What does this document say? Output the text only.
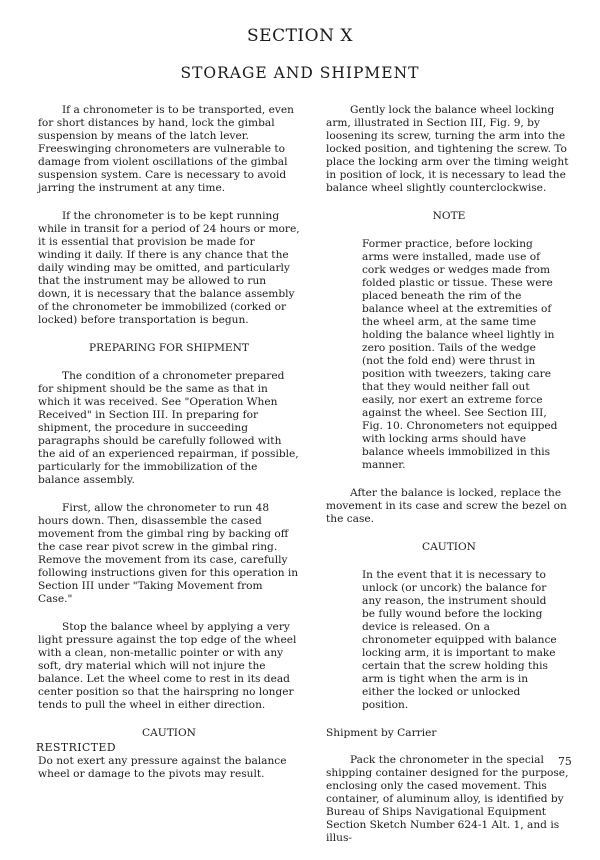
SECTION X
STORAGE AND SHIPMENT

If a chronometer is to be transported, even for short distances by hand, lock the gimbal suspension by means of the latch lever. Freeswinging chronometers are vulnerable to damage from violent oscillations of the gimbal suspension system. Care is necessary to avoid jarring the instrument at any time.

If the chronometer is to be kept running while in transit for a period of 24 hours or more, it is essential that provision be made for winding it daily. If there is any chance that the daily winding may be omitted, and particularly that the instrument may be allowed to run down, it is necessary that the balance assembly of the chronometer be immobilized (corked or locked) before transportation is begun.

PREPARING FOR SHIPMENT

The condition of a chronometer prepared for shipment should be the same as that in which it was received. See "Operation When Received" in Section III. In preparing for shipment, the procedure in succeeding paragraphs should be carefully followed with the aid of an experienced repairman, if possible, particularly for the immobilization of the balance assembly.

First, allow the chronometer to run 48 hours down. Then, disassemble the cased movement from the gimbal ring by backing off the case rear pivot screw in the gimbal ring. Remove the movement from its case, carefully following instructions given for this operation in Section III under "Taking Movement from Case."

Stop the balance wheel by applying a very light pressure against the top edge of the wheel with a clean, non-metallic pointer or with any soft, dry material which will not injure the balance. Let the wheel come to rest in its dead center position so that the hairspring no longer tends to pull the wheel in either direction.

CAUTION
Do not exert any pressure against the balance wheel or damage to the pivots may result.

Gently lock the balance wheel locking arm, illustrated in Section III, Fig. 9, by loosening its screw, turning the arm into the locked position, and tightening the screw. To place the locking arm over the timing weight in position of lock, it is necessary to lead the balance wheel slightly counterclockwise.

NOTE
Former practice, before locking arms were installed, made use of cork wedges or wedges made from folded plastic or tissue. These were placed beneath the rim of the balance wheel at the extremities of the wheel arm, at the same time holding the balance wheel lightly in zero position. Tails of the wedge (not the fold end) were thrust in position with tweezers, taking care that they would neither fall out easily, nor exert an extreme force against the wheel. See Section III, Fig. 10. Chronometers not equipped with locking arms should have balance wheels immobilized in this manner.

After the balance is locked, replace the movement in its case and screw the bezel on the case.

CAUTION
In the event that it is necessary to unlock (or uncork) the balance for any reason, the instrument should be fully wound before the locking device is released. On a chronometer equipped with balance locking arm, it is important to make certain that the screw holding this arm is tight when the arm is in either the locked or unlocked position.
Shipment by Carrier

Pack the chronometer in the special shipping container designed for the purpose, enclosing only the cased movement. This container, of aluminum alloy, is identified by Bureau of Ships Navigational Equipment Section Sketch Number 624-1 Alt. 1, and is illus-

RESTRICTED
75
